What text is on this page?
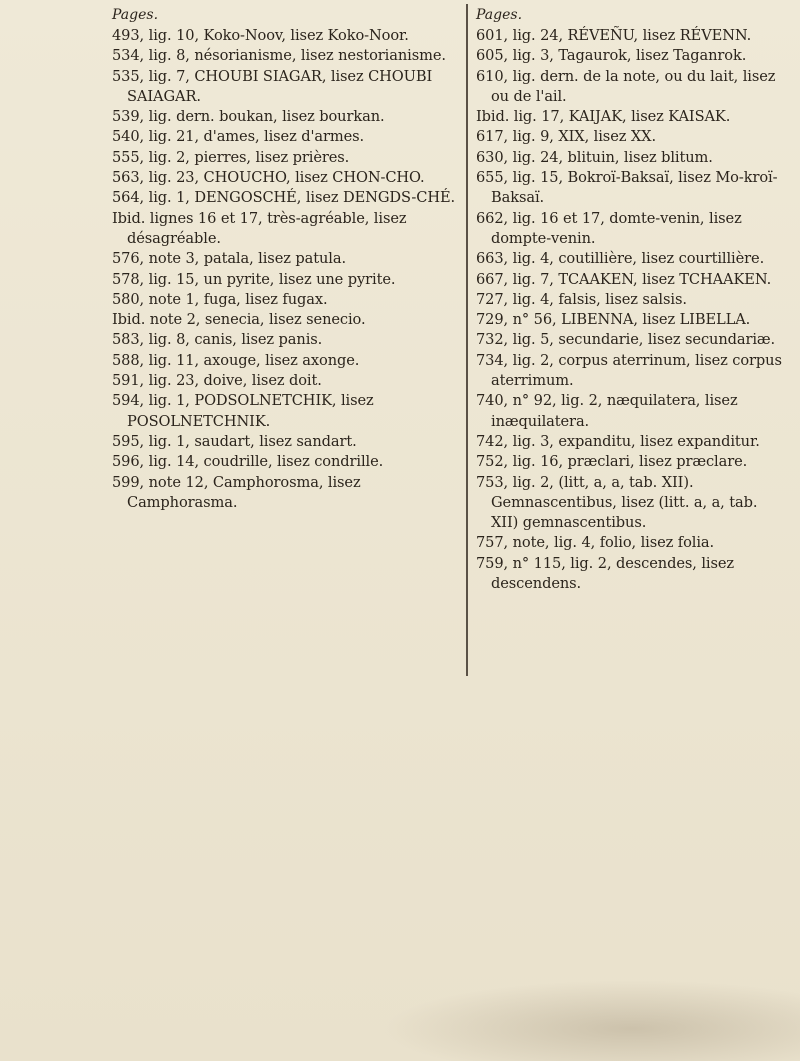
Pages.
493, lig. 10, Koko-Noov, lisez Koko-Noor.
534, lig. 8, nésorianisme, lisez nestorianisme.
535, lig. 7, CHOUBI SIAGAR, lisez CHOUBI SAIAGAR.
539, lig. dern. boukan, lisez bourkan.
540, lig. 21, d'ames, lisez d'armes.
555, lig. 2, pierres, lisez prières.
563, lig. 23, CHOUCHO, lisez CHON-CHO.
564, lig. 1, DENGOSCHÉ, lisez DENGDS-CHÉ.
Ibid. lignes 16 et 17, très-agréable, lisez désagréable.
576, note 3, patala, lisez patula.
578, lig. 15, un pyrite, lisez une pyrite.
580, note 1, fuga, lisez fugax.
Ibid. note 2, senecia, lisez senecio.
583, lig. 8, canis, lisez panis.
588, lig. 11, axouge, lisez axonge.
591, lig. 23, doive, lisez doit.
594, lig. 1, PODSOLNETCHIK, lisez POSOLNETCHNIK.
595, lig. 1, saudart, lisez sandart.
596, lig. 14, coudrille, lisez condrille.
599, note 12, Camphorosma, lisez Camphorasma.
Pages.
601, lig. 24, RÉVEÑU, lisez RÉVENN.
605, lig. 3, Tagaurok, lisez Taganrok.
610, lig. dern. de la note, ou du lait, lisez ou de l'ail.
Ibid. lig. 17, KAIJAK, lisez KAISAK.
617, lig. 9, XIX, lisez XX.
630, lig. 24, blituin, lisez blitum.
655, lig. 15, Bokroï-Baksaï, lisez Mo-kroï-Baksaï.
662, lig. 16 et 17, domte-venin, lisez dompte-venin.
663, lig. 4, coutillière, lisez courtillière.
667, lig. 7, TCAAKEN, lisez TCHAAKEN.
727, lig. 4, falsis, lisez salsis.
729, n° 56, LIBENNA, lisez LIBELLA.
732, lig. 5, secundarie, lisez secundariæ.
734, lig. 2, corpus aterrinum, lisez corpus aterrimum.
740, n° 92, lig. 2, næquilatera, lisez inæquilatera.
742, lig. 3, expanditu, lisez expanditur.
752, lig. 16, præclari, lisez præclare.
753, lig. 2, (litt, a, a, tab. XII). Gemnascentibus, lisez (litt. a, a, tab. XII) gemnascentibus.
757, note, lig. 4, folio, lisez folia.
759, n° 115, lig. 2, descendes, lisez descendens.
